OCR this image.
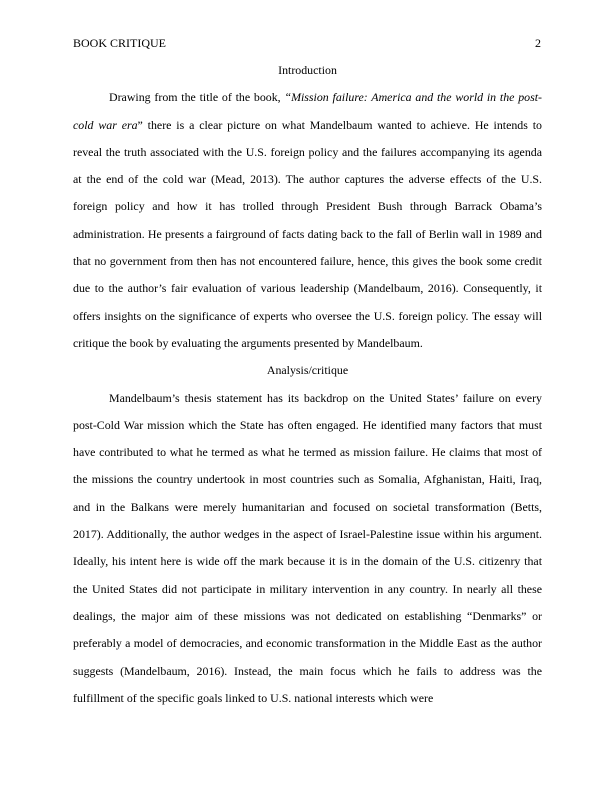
BOOK CRITIQUE	2

Introduction

Drawing from the title of the book, “Mission failure: America and the world in the post-cold war era” there is a clear picture on what Mandelbaum wanted to achieve. He intends to reveal the truth associated with the U.S. foreign policy and the failures accompanying its agenda at the end of the cold war (Mead, 2013). The author captures the adverse effects of the U.S. foreign policy and how it has trolled through President Bush through Barrack Obama’s administration. He presents a fairground of facts dating back to the fall of Berlin wall in 1989 and that no government from then has not encountered failure, hence, this gives the book some credit due to the author’s fair evaluation of various leadership (Mandelbaum, 2016). Consequently, it offers insights on the significance of experts who oversee the U.S. foreign policy. The essay will critique the book by evaluating the arguments presented by Mandelbaum.

Analysis/critique

Mandelbaum’s thesis statement has its backdrop on the United States’ failure on every post-Cold War mission which the State has often engaged. He identified many factors that must have contributed to what he termed as what he termed as mission failure. He claims that most of the missions the country undertook in most countries such as Somalia, Afghanistan, Haiti, Iraq, and in the Balkans were merely humanitarian and focused on societal transformation (Betts, 2017). Additionally, the author wedges in the aspect of Israel-Palestine issue within his argument. Ideally, his intent here is wide off the mark because it is in the domain of the U.S. citizenry that the United States did not participate in military intervention in any country. In nearly all these dealings, the major aim of these missions was not dedicated on establishing “Denmarks” or preferably a model of democracies, and economic transformation in the Middle East as the author suggests (Mandelbaum, 2016). Instead, the main focus which he fails to address was the fulfillment of the specific goals linked to U.S. national interests which were
